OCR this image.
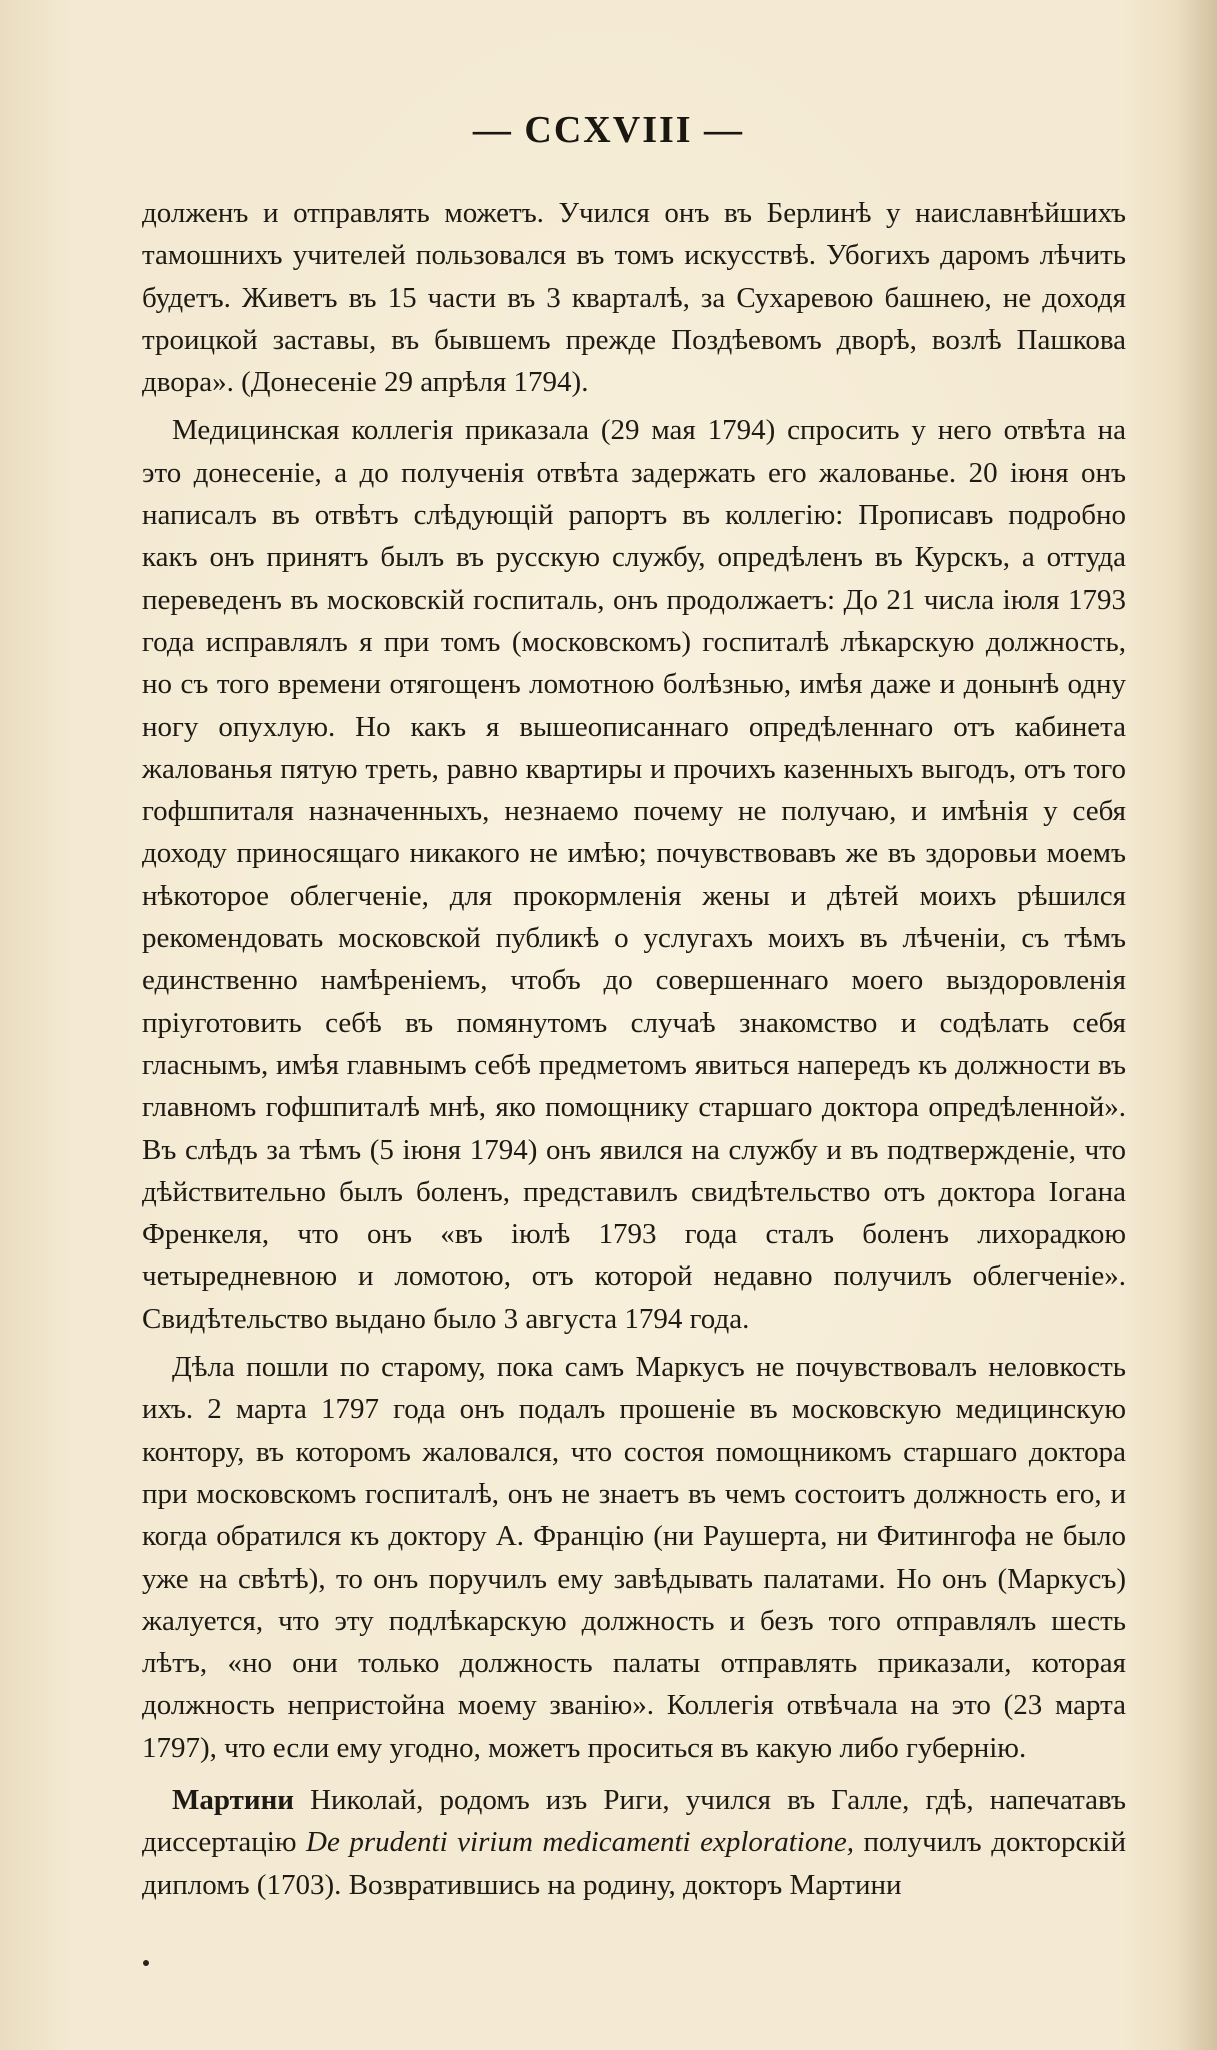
— CCXVIII —

долженъ и отправлять можетъ. Учился онъ въ Берлинѣ у наиславнѣйшихъ тамошнихъ учителей пользовался въ томъ искусствѣ. Убогихъ даромъ лѣчить будетъ. Живетъ въ 15 части въ 3 кварталѣ, за Сухаревою башнею, не доходя троицкой заставы, въ бывшемъ прежде Поздѣевомъ дворѣ, возлѣ Пашкова двора». (Донесеніе 29 апрѣля 1794).

Медицинская коллегія приказала (29 мая 1794) спросить у него отвѣта на это донесеніе, а до полученія отвѣта задержать его жалованье. 20 іюня онъ написалъ въ отвѣтъ слѣдующій рапортъ въ коллегію: Прописавъ подробно какъ онъ принятъ былъ въ русскую службу, опредѣленъ въ Курскъ, а оттуда переведенъ въ московскій госпиталь, онъ продолжаетъ: До 21 числа іюля 1793 года исправлялъ я при томъ (московскомъ) госпиталѣ лѣкарскую должность, но съ того времени отягощенъ ломотною болѣзнью, имѣя даже и донынѣ одну ногу опухлую. Но какъ я вышеописаннаго опредѣленнаго отъ кабинета жалованья пятую треть, равно квартиры и прочихъ казенныхъ выгодъ, отъ того гофшпиталя назначенныхъ, незнаемо почему не получаю, и имѣнія у себя доходу приносящаго никакого не имѣю; почувствовавъ же въ здоровьи моемъ нѣкоторое облегченіе, для прокормленія жены и дѣтей моихъ рѣшился рекомендовать московской публикѣ о услугахъ моихъ въ лѣченіи, съ тѣмъ единственно намѣреніемъ, чтобъ до совершеннаго моего выздоровленія пріуготовить себѣ въ помянутомъ случаѣ знакомство и содѣлать себя гласнымъ, имѣя главнымъ себѣ предметомъ явиться напередъ къ должности въ главномъ гофшпиталѣ мнѣ, яко помощнику старшаго доктора опредѣленной». Въ слѣдъ за тѣмъ (5 іюня 1794) онъ явился на службу и въ подтвержденіе, что дѣйствительно былъ боленъ, представилъ свидѣтельство отъ доктора Іогана Френкеля, что онъ «въ іюлѣ 1793 года сталъ боленъ лихорадкою четыредневною и ломотою, отъ которой недавно получилъ облегченіе». Свидѣтельство выдано было 3 августа 1794 года.

Дѣла пошли по старому, пока самъ Маркусъ не почувствовалъ неловкость ихъ. 2 марта 1797 года онъ подалъ прошеніе въ московскую медицинскую контору, въ которомъ жаловался, что состоя помощникомъ старшаго доктора при московскомъ госпиталѣ, онъ не знаетъ въ чемъ состоитъ должность его, и когда обратился къ доктору А. Францію (ни Раушерта, ни Фитингофа не было уже на свѣтѣ), то онъ поручилъ ему завѣдывать палатами. Но онъ (Маркусъ) жалуется, что эту подлѣкарскую должность и безъ того отправлялъ шесть лѣтъ, «но они только должность палаты отправлять приказали, которая должность непристойна моему званію». Коллегія отвѣчала на это (23 марта 1797), что если ему угодно, можетъ проситься въ какую либо губернію.

Мартини Николай, родомъ изъ Риги, учился въ Галле, гдѣ, напечатавъ диссертацію De prudenti virium medicamenti exploratione, получилъ докторскій дипломъ (1703). Возвратившись на родину, докторъ Мартини
